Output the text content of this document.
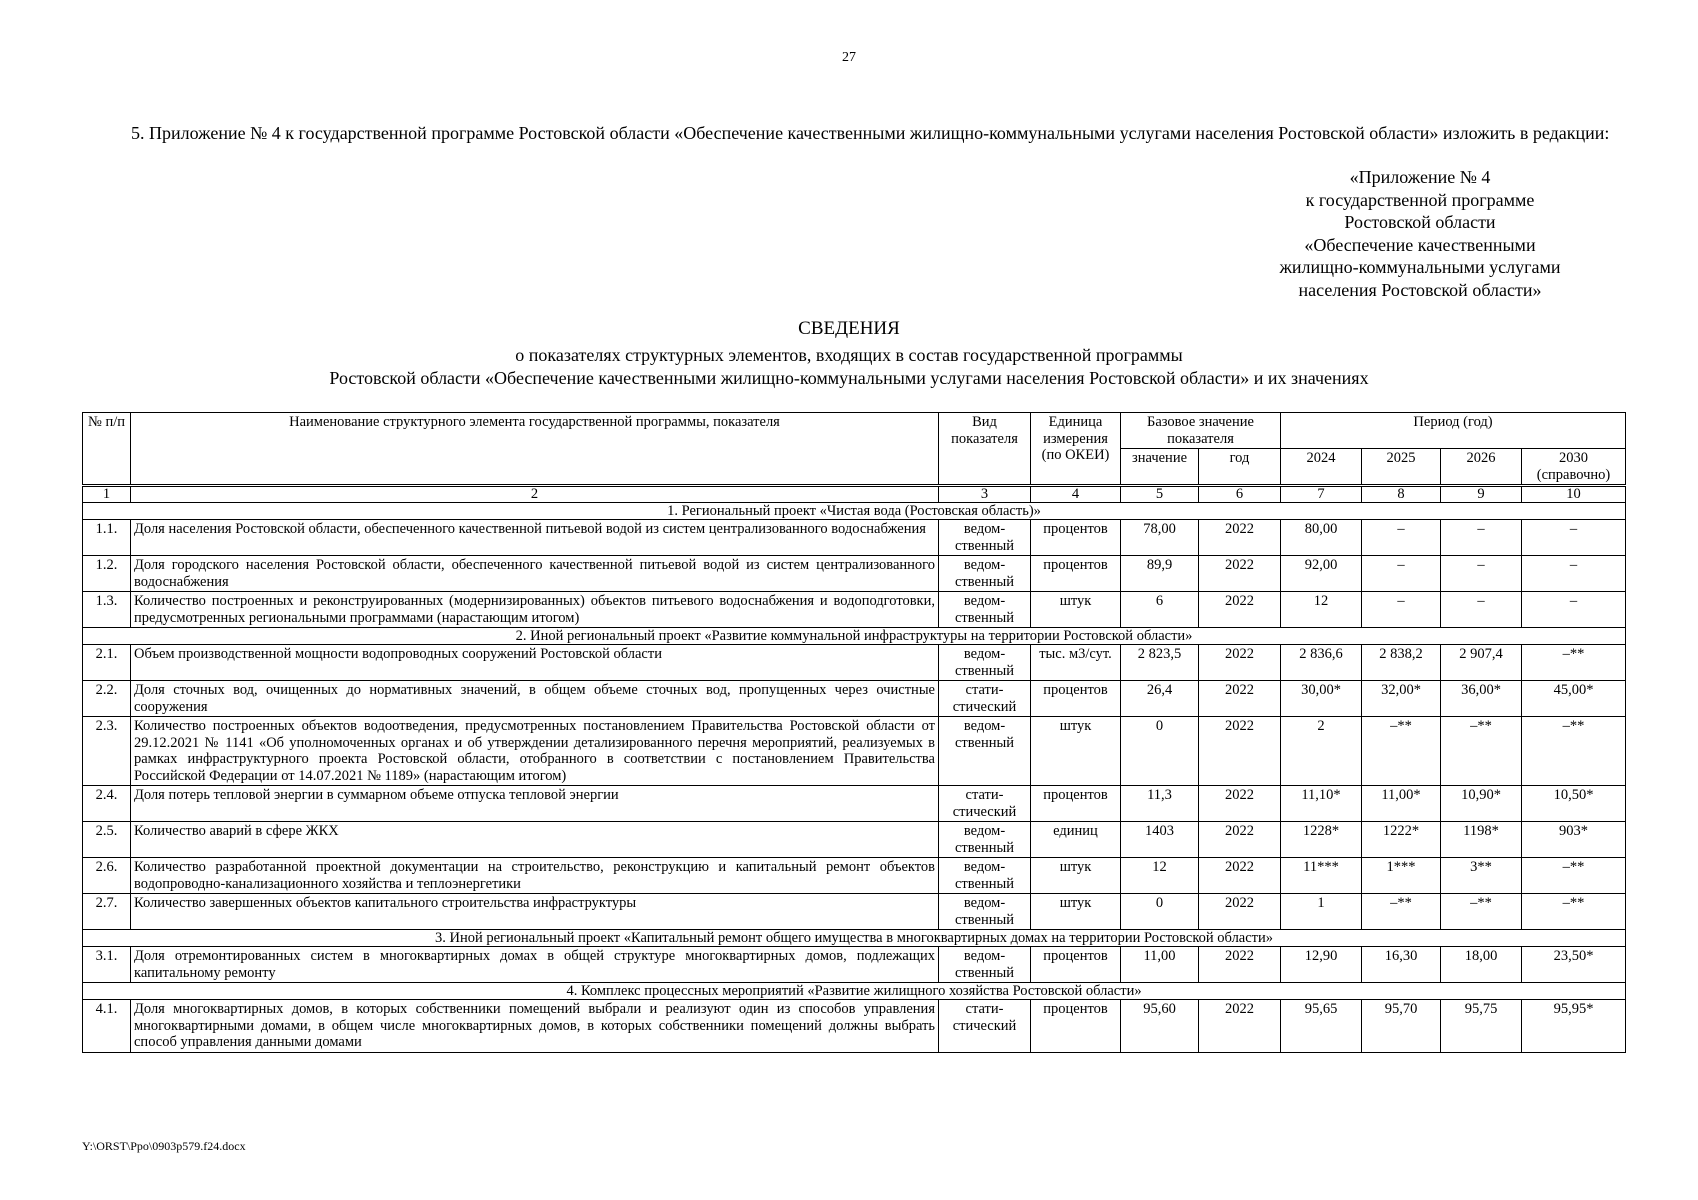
27
5. Приложение № 4 к государственной программе Ростовской области «Обеспечение качественными жилищно-коммунальными услугами населения Ростовской области» изложить в редакции:
«Приложение № 4
к государственной программе
Ростовской области
«Обеспечение качественными
жилищно-коммунальными услугами
населения Ростовской области»
СВЕДЕНИЯ
о показателях структурных элементов, входящих в состав государственной программы
Ростовской области «Обеспечение качественными жилищно-коммунальными услугами населения Ростовской области» и их значениях
№ п/п	Наименование структурного элемента государственной программы, показателя	Вид показателя	Единица измерения (по ОКЕИ)	Базовое значение показателя		Период (год)			
				значение	год				
						2024	2025	2026	2030 (справочно)
1	2	3	4	5	6	7	8	9	10
1. Региональный проект «Чистая вода (Ростовская область)»									
1.1.	Доля населения Ростовской области, обеспеченного качественной питьевой водой из систем централизованного водоснабжения	ведом- ственный	процентов	78,00	2022	80,00	–	–	–
1.2.	Доля городского населения Ростовской области, обеспеченного качественной питьевой водой из систем централизованного водоснабжения	ведом- ственный	процентов	89,9	2022	92,00	–	–	–
1.3.	Количество построенных и реконструированных (модернизированных) объектов питьевого водоснабжения и водоподготовки, предусмотренных региональными программами (нарастающим итогом)	ведом- ственный	штук	6	2022	12	–	–	–
2. Иной региональный проект «Развитие коммунальной инфраструктуры на территории Ростовской области»									
2.1.	Объем производственной мощности водопроводных сооружений Ростовской области	ведом- ственный	тыс. м3/сут.	2 823,5	2022	2 836,6	2 838,2	2 907,4	–**
2.2.	Доля сточных вод, очищенных до нормативных значений, в общем объеме сточных вод, пропущенных через очистные сооружения	стати- стический	процентов	26,4	2022	30,00*	32,00*	36,00*	45,00*
2.3.	Количество построенных объектов водоотведения, предусмотренных постановлением Правительства Ростовской области от 29.12.2021 № 1141 «Об уполномоченных органах и об утверждении детализированного перечня мероприятий, реализуемых в рамках инфраструктурного проекта Ростовской области, отобранного в соответствии с постановлением Правительства Российской Федерации от 14.07.2021 № 1189» (нарастающим итогом)	ведом- ственный	штук	0	2022	2	–**	–**	–**
2.4.	Доля потерь тепловой энергии в суммарном объеме отпуска тепловой энергии	стати- стический	процентов	11,3	2022	11,10*	11,00*	10,90*	10,50*
2.5.	Количество аварий в сфере ЖКХ	ведом- ственный	единиц	1403	2022	1228*	1222*	1198*	903*
2.6.	Количество разработанной проектной документации на строительство, реконструкцию и капитальный ремонт объектов водопроводно-канализационного хозяйства и теплоэнергетики	ведом- ственный	штук	12	2022	11***	1***	3**	–**
2.7.	Количество завершенных объектов капитального строительства инфраструктуры	ведом- ственный	штук	0	2022	1	–**	–**	–**
3. Иной региональный проект «Капитальный ремонт общего имущества в многоквартирных домах на территории Ростовской области»									
3.1.	Доля отремонтированных систем в многоквартирных домах в общей структуре многоквартирных домов, подлежащих капитальному ремонту	ведом- ственный	процентов	11,00	2022	12,90	16,30	18,00	23,50*
4. Комплекс процессных мероприятий «Развитие жилищного хозяйства Ростовской области»									
4.1.	Доля многоквартирных домов, в которых собственники помещений выбрали и реализуют один из способов управления многоквартирными домами, в общем числе многоквартирных домов, в которых собственники помещений должны выбрать способ управления данными домами	стати- стический	процентов	95,60	2022	95,65	95,70	95,75	95,95*
Y:\ORST\Ppo\0903p579.f24.docx
